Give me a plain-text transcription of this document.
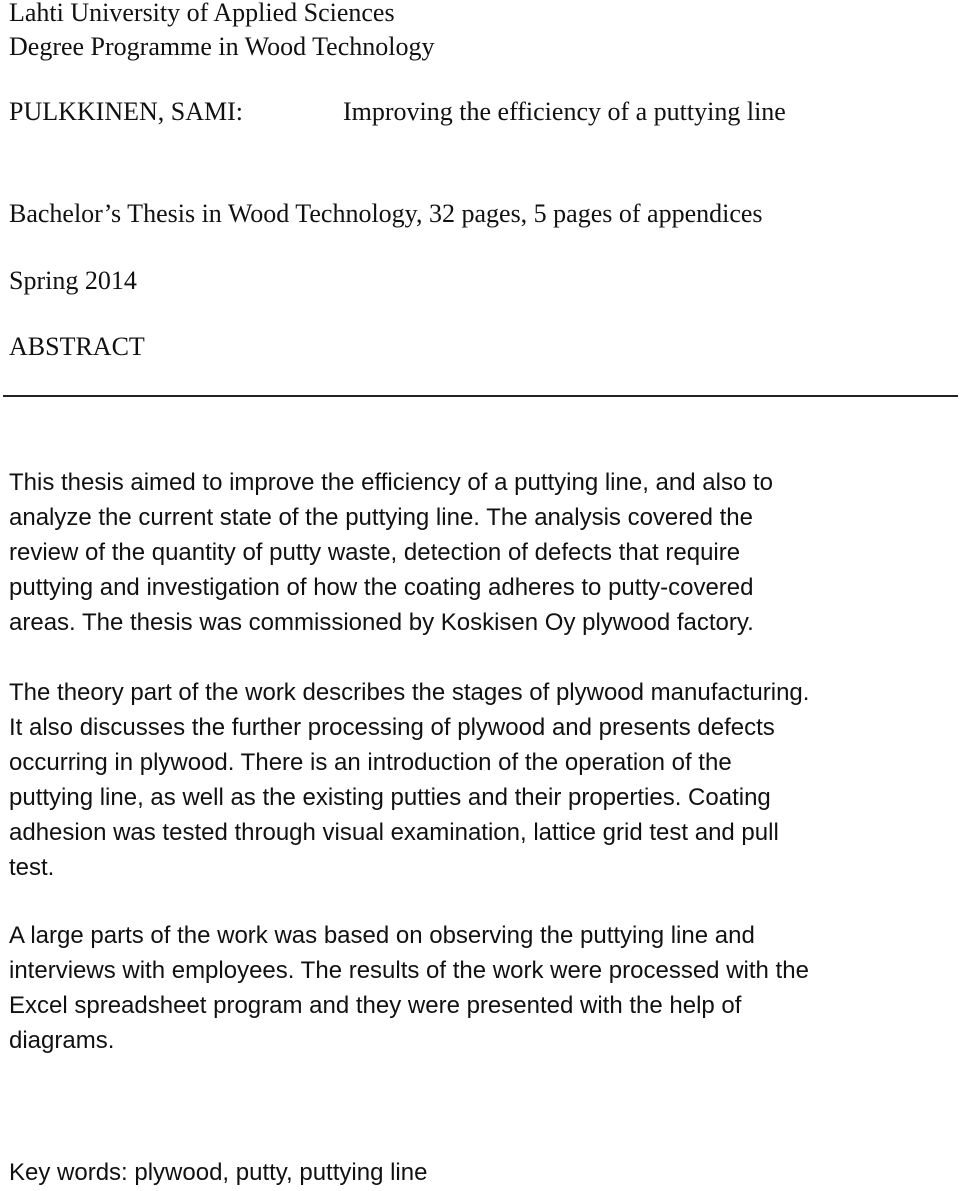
Lahti University of Applied Sciences
Degree Programme in Wood Technology
PULKKINEN, SAMI:	Improving the efficiency of a puttying line
Bachelor’s Thesis in Wood Technology, 32 pages, 5 pages of appendices
Spring 2014
ABSTRACT
This thesis aimed to improve the efficiency of a puttying line, and also to
analyze the current state of the puttying line. The analysis covered the
review of the quantity of putty waste, detection of defects that require
puttying and investigation of how the coating adheres to putty-covered
areas. The thesis was commissioned by Koskisen Oy plywood factory.
The theory part of the work describes the stages of plywood manufacturing.
It also discusses the further processing of plywood and presents defects
occurring in plywood. There is an introduction of the operation of the
puttying line, as well as the existing putties and their properties. Coating
adhesion was tested through visual examination, lattice grid test and pull
test.
A large parts of the work was based on observing the puttying line and
interviews with employees. The results of the work were processed with the
Excel spreadsheet program and they were presented with the help of
diagrams.
Key words: plywood, putty, puttying line
